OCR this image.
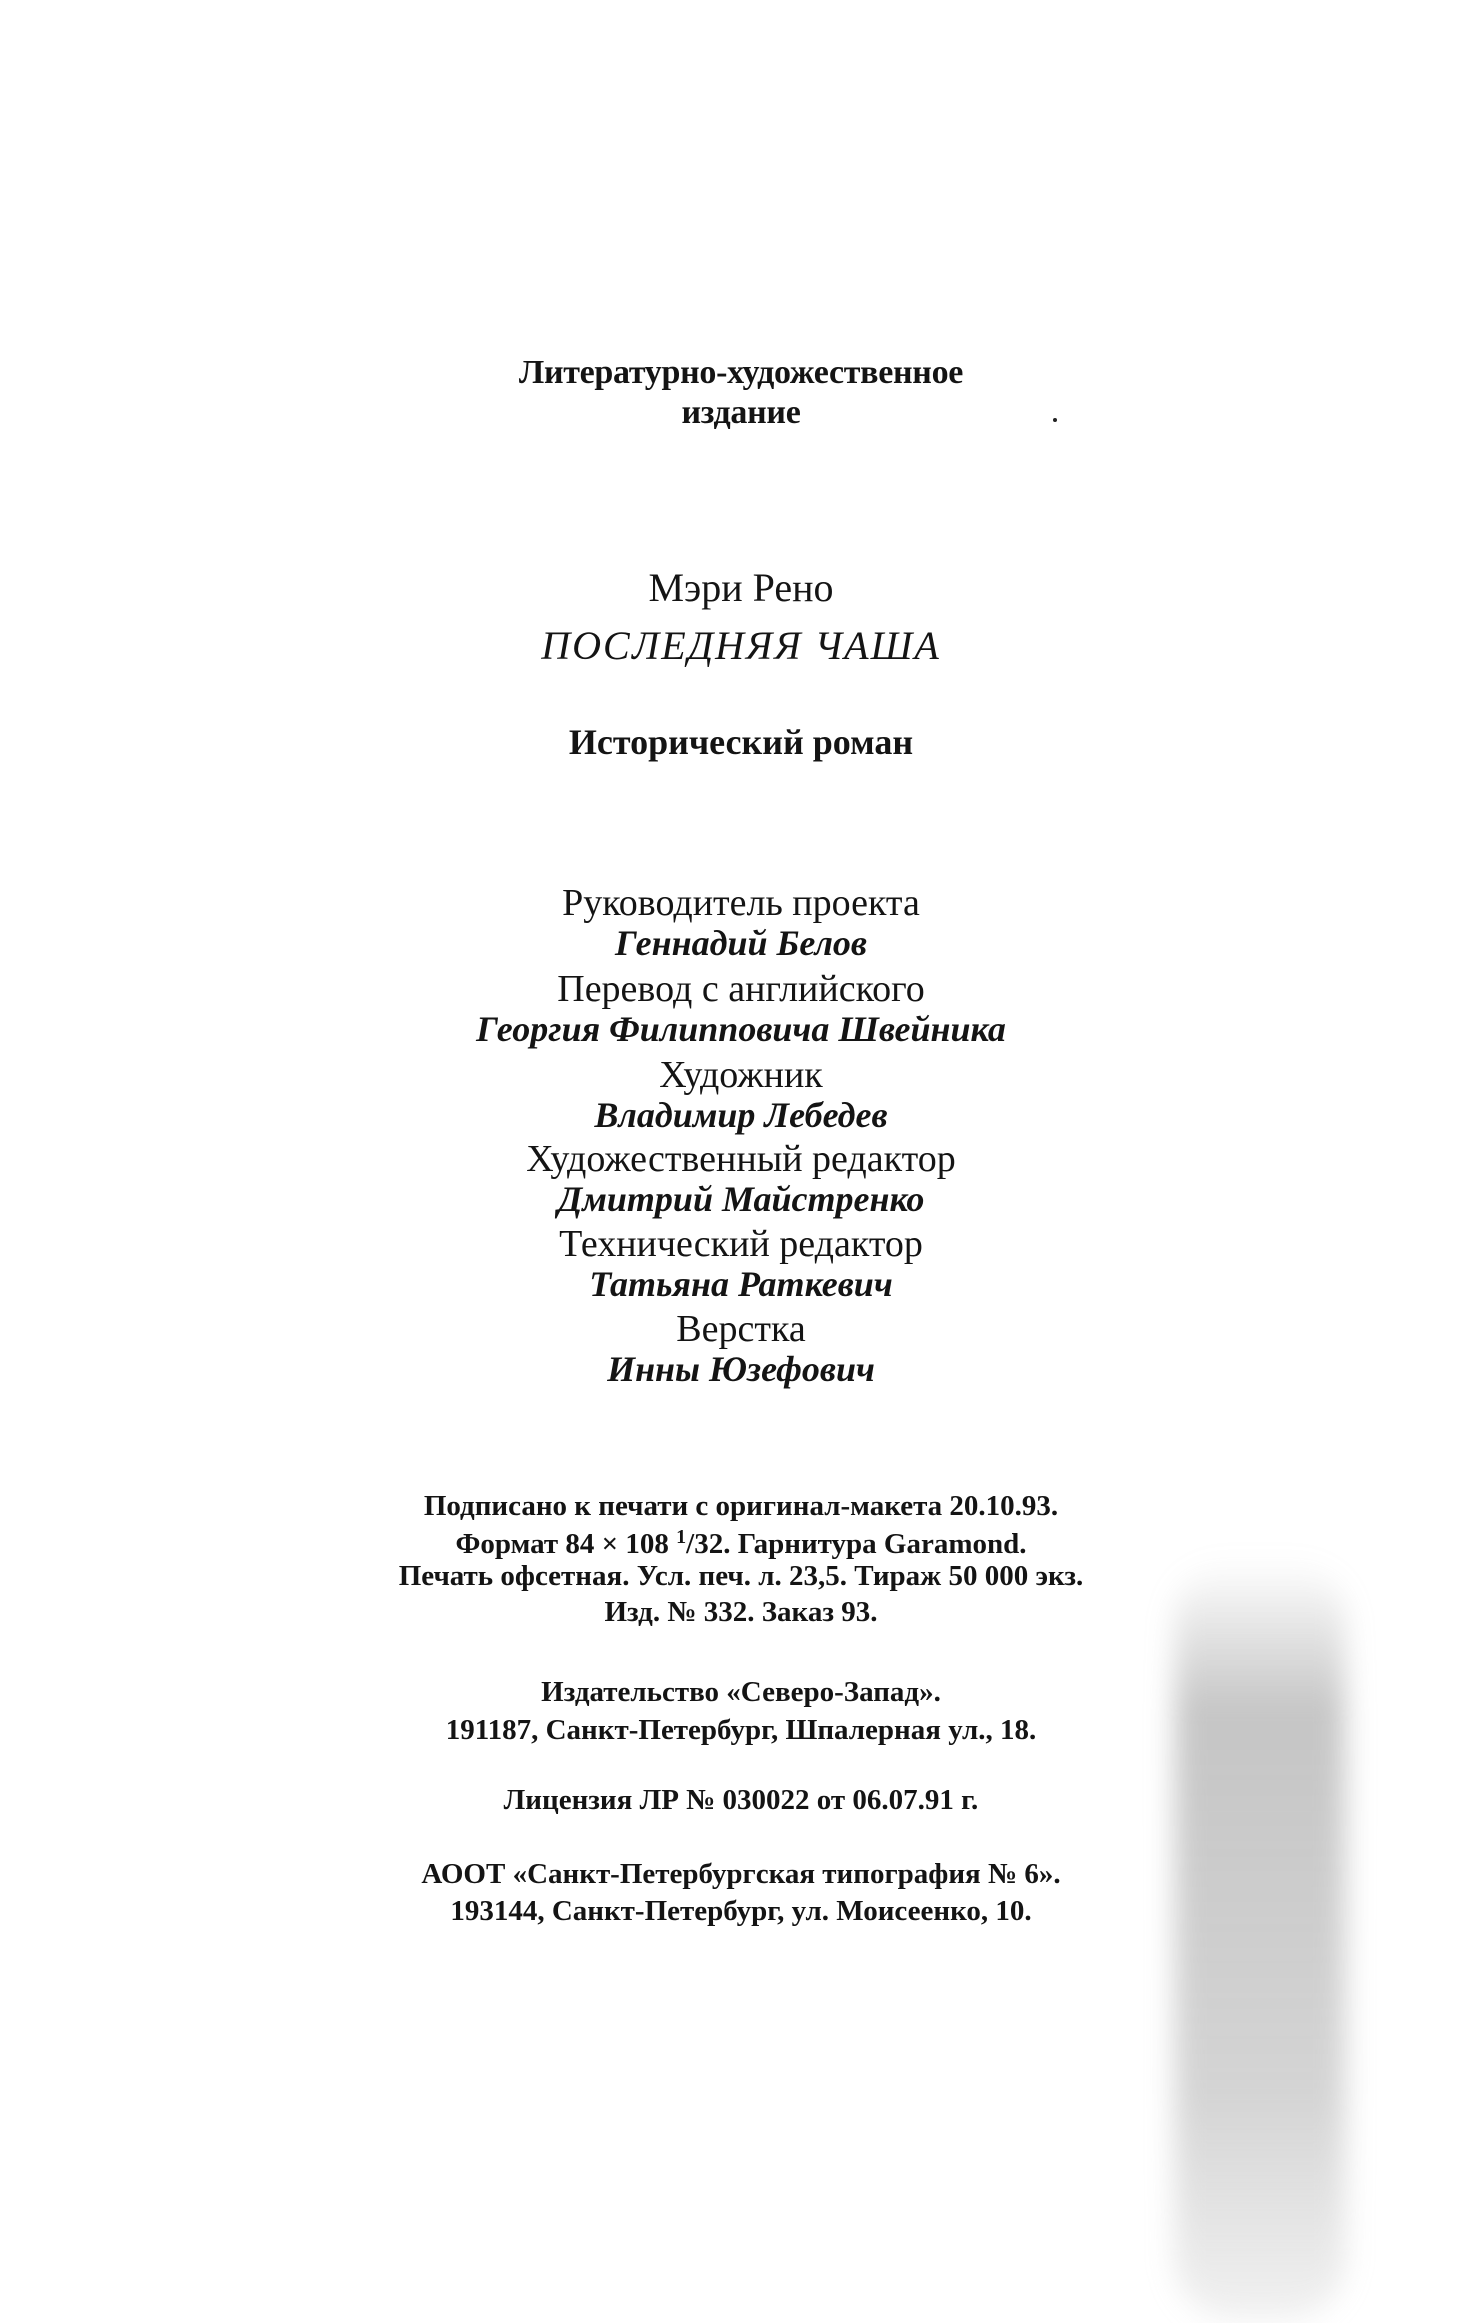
Литературно-художественное
издание
Мэри Рено
ПОСЛЕДНЯЯ ЧАША
Исторический роман
Руководитель проекта
Геннадий Белов
Перевод с английского
Георгия Филипповича Швейника
Художник
Владимир Лебедев
Художественный редактор
Дмитрий Майстренко
Технический редактор
Татьяна Раткевич
Верстка
Инны Юзефович
Подписано к печати с оригинал-макета 20.10.93.
Формат 84 × 108 $^1$/32. Гарнитура Garamond.
Печать офсетная. Усл. печ. л. 23,5. Тираж 50 000 экз.
Изд. № 332. Заказ 93.
Издательство «Северо-Запад».
191187, Санкт-Петербург, Шпалерная ул., 18.
Лицензия ЛР № 030022 от 06.07.91 г.
АООТ «Санкт-Петербургская типография № 6».
193144, Санкт-Петербург, ул. Моисеенко, 10.
